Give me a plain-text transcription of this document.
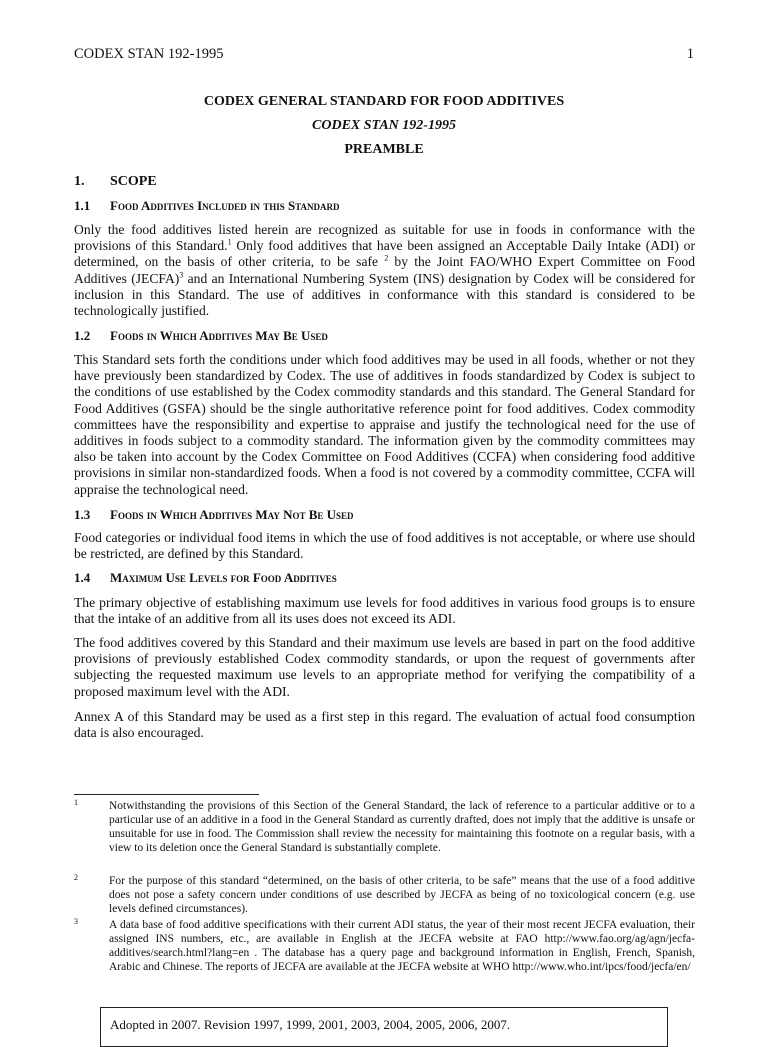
CODEX STAN 192-1995	1
CODEX GENERAL STANDARD FOR FOOD ADDITIVES
CODEX STAN 192-1995
PREAMBLE
1. SCOPE
1.1 Food Additives Included in this Standard

Only the food additives listed herein are recognized as suitable for use in foods in conformance with the provisions of this Standard.$^1$ Only food additives that have been assigned an Acceptable Daily Intake (ADI) or determined, on the basis of other criteria, to be safe $^2$ by the Joint FAO/WHO Expert Committee on Food Additives (JECFA)$^3$ and an International Numbering System (INS) designation by Codex will be considered for inclusion in this Standard. The use of additives in conformance with this standard is considered to be technologically justified.

1.2 Foods in Which Additives May Be Used

This Standard sets forth the conditions under which food additives may be used in all foods, whether or not they have previously been standardized by Codex. The use of additives in foods standardized by Codex is subject to the conditions of use established by the Codex commodity standards and this standard. The General Standard for Food Additives (GSFA) should be the single authoritative reference point for food additives. Codex commodity committees have the responsibility and expertise to appraise and justify the technological need for the use of additives in foods subject to a commodity standard. The information given by the commodity committees may also be taken into account by the Codex Committee on Food Additives (CCFA) when considering food additive provisions in similar non-standardized foods. When a food is not covered by a commodity committee, CCFA will appraise the technological need.

1.3 Foods in Which Additives May Not Be Used

Food categories or individual food items in which the use of food additives is not acceptable, or where use should be restricted, are defined by this Standard.

1.4 Maximum Use Levels for Food Additives

The primary objective of establishing maximum use levels for food additives in various food groups is to ensure that the intake of an additive from all its uses does not exceed its ADI.

The food additives covered by this Standard and their maximum use levels are based in part on the food additive provisions of previously established Codex commodity standards, or upon the request of governments after subjecting the requested maximum use levels to an appropriate method for verifying the compatibility of a proposed maximum level with the ADI.

Annex A of this Standard may be used as a first step in this regard. The evaluation of actual food consumption data is also encouraged.

1	Notwithstanding the provisions of this Section of the General Standard, the lack of reference to a particular additive or to a particular use of an additive in a food in the General Standard as currently drafted, does not imply that the additive is unsafe or unsuitable for use in food. The Commission shall review the necessity for maintaining this footnote on a regular basis, with a view to its deletion once the General Standard is substantially complete.
2	For the purpose of this standard “determined, on the basis of other criteria, to be safe” means that the use of a food additive does not pose a safety concern under conditions of use described by JECFA as being of no toxicological concern (e.g. use levels defined circumstances).
3	A data base of food additive specifications with their current ADI status, the year of their most recent JECFA evaluation, their assigned INS numbers, etc., are available in English at the JECFA website at FAO http://www.fao.org/ag/agn/jecfa-additives/search.html?lang=en . The database has a query page and background information in English, French, Spanish, Arabic and Chinese. The reports of JECFA are available at the JECFA website at WHO http://www.who.int/ipcs/food/jecfa/en/
Adopted in 2007. Revision 1997, 1999, 2001, 2003, 2004, 2005, 2006, 2007.
